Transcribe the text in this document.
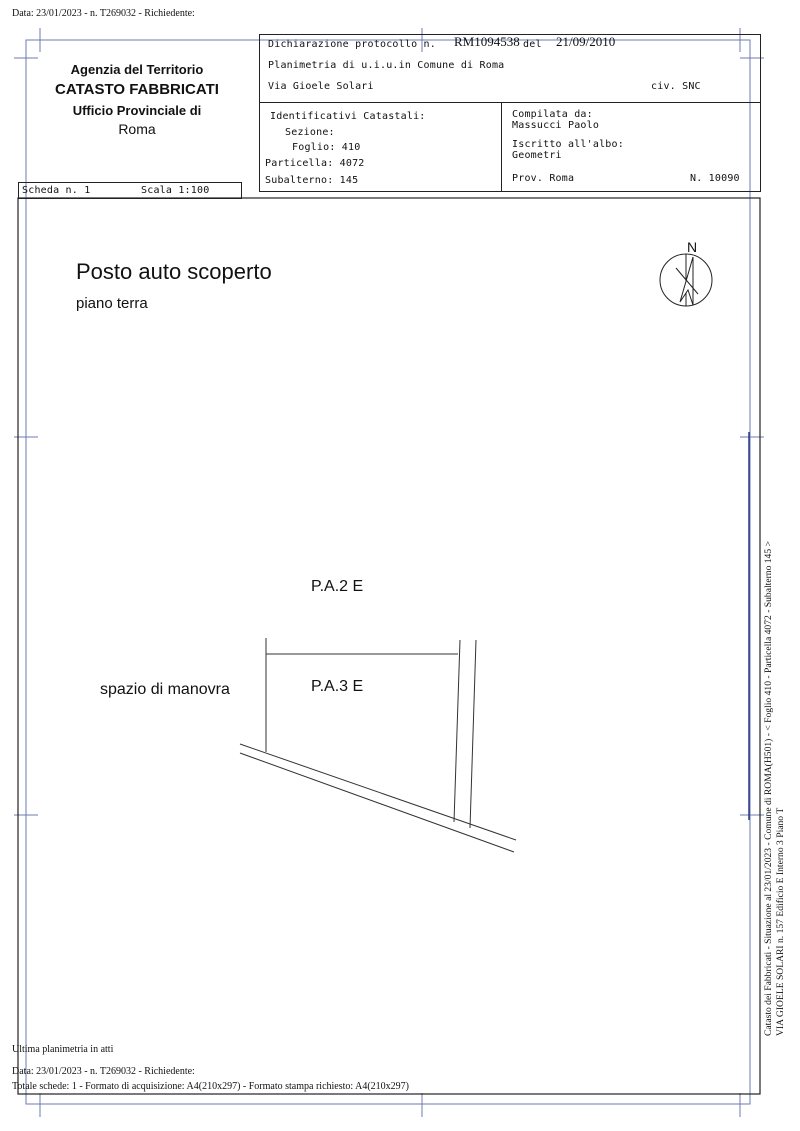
Data: 23/01/2023 - n. T269032 - Richiedente:
Agenzia del Territorio
CATASTO FABBRICATI
Ufficio Provinciale di
Roma
Dichiarazione protocollo n. RM1094538 del 21/09/2010
Planimetria di u.i.u.in Comune di Roma
Via Gioele Solari	civ. SNC
Identificativi Catastali:
Sezione:
Foglio: 410
Particella: 4072
Subalterno: 145
Compilata da:
Massucci Paolo
Iscritto all'albo:
Geometri
Prov. Roma	N. 10090
Scheda n. 1	Scala 1:100
Posto auto scoperto
piano terra
N
P.A.2 E
P.A.3 E
spazio di manovra	Catasto dei Fabbricati - Situazione al 23/01/2023 - Comune di ROMA(H501) - < Foglio 410 - Particella 4072 - Subalterno 145 > VIA GIOELE SOLARI n. 157 Edificio E Interno 3 Piano T
Ultima planimetria in atti
Data: 23/01/2023 - n. T269032 - Richiedente:
Totale schede: 1 - Formato di acquisizione: A4(210x297) - Formato stampa richiesto: A4(210x297)
